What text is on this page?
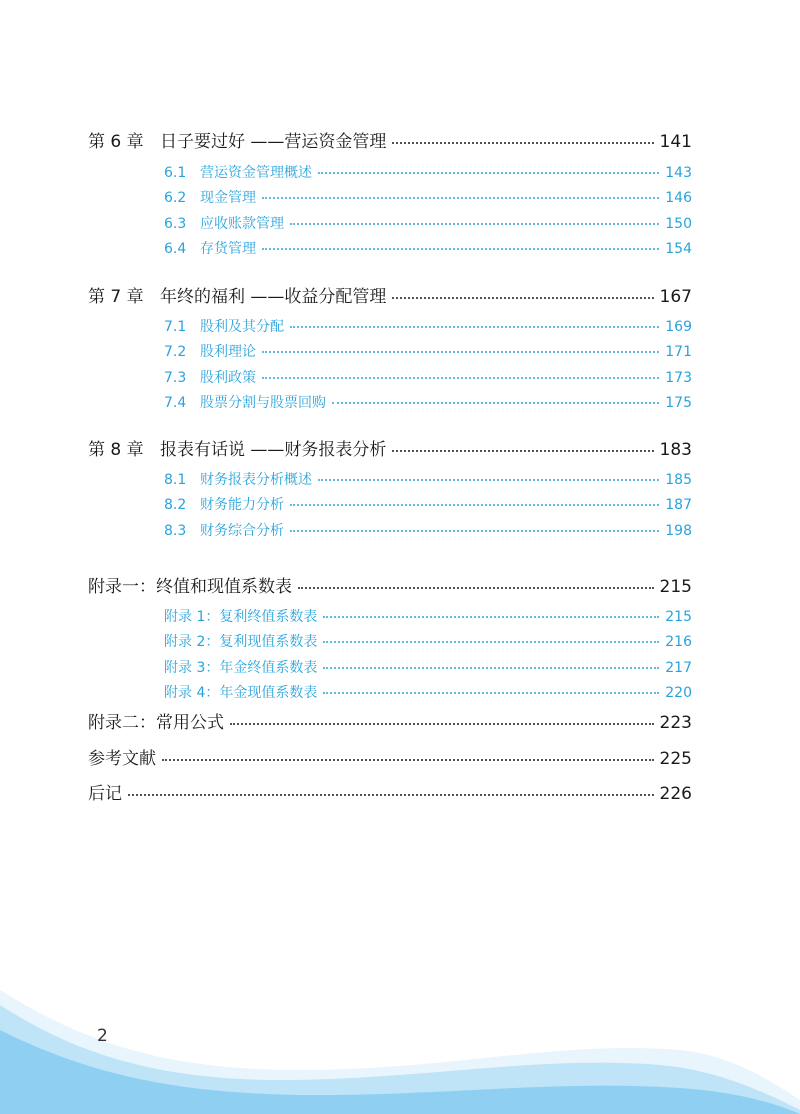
第 6 章 日子要过好 ——营运资金管理	141
6.1 营运资金管理概述	143
6.2 现金管理	146
6.3 应收账款管理	150
6.4 存货管理	154
第 7 章 年终的福利 ——收益分配管理	167
7.1 股利及其分配	169
7.2 股利理论	171
7.3 股利政策	173
7.4 股票分割与股票回购	175
第 8 章 报表有话说 ——财务报表分析	183
8.1 财务报表分析概述	185
8.2 财务能力分析	187
8.3 财务综合分析	198
附录一：终值和现值系数表	215
附录 1：复利终值系数表	215
附录 2：复利现值系数表	216
附录 3：年金终值系数表	217
附录 4：年金现值系数表	220
附录二：常用公式	223
参考文献	225
后记	226
2
